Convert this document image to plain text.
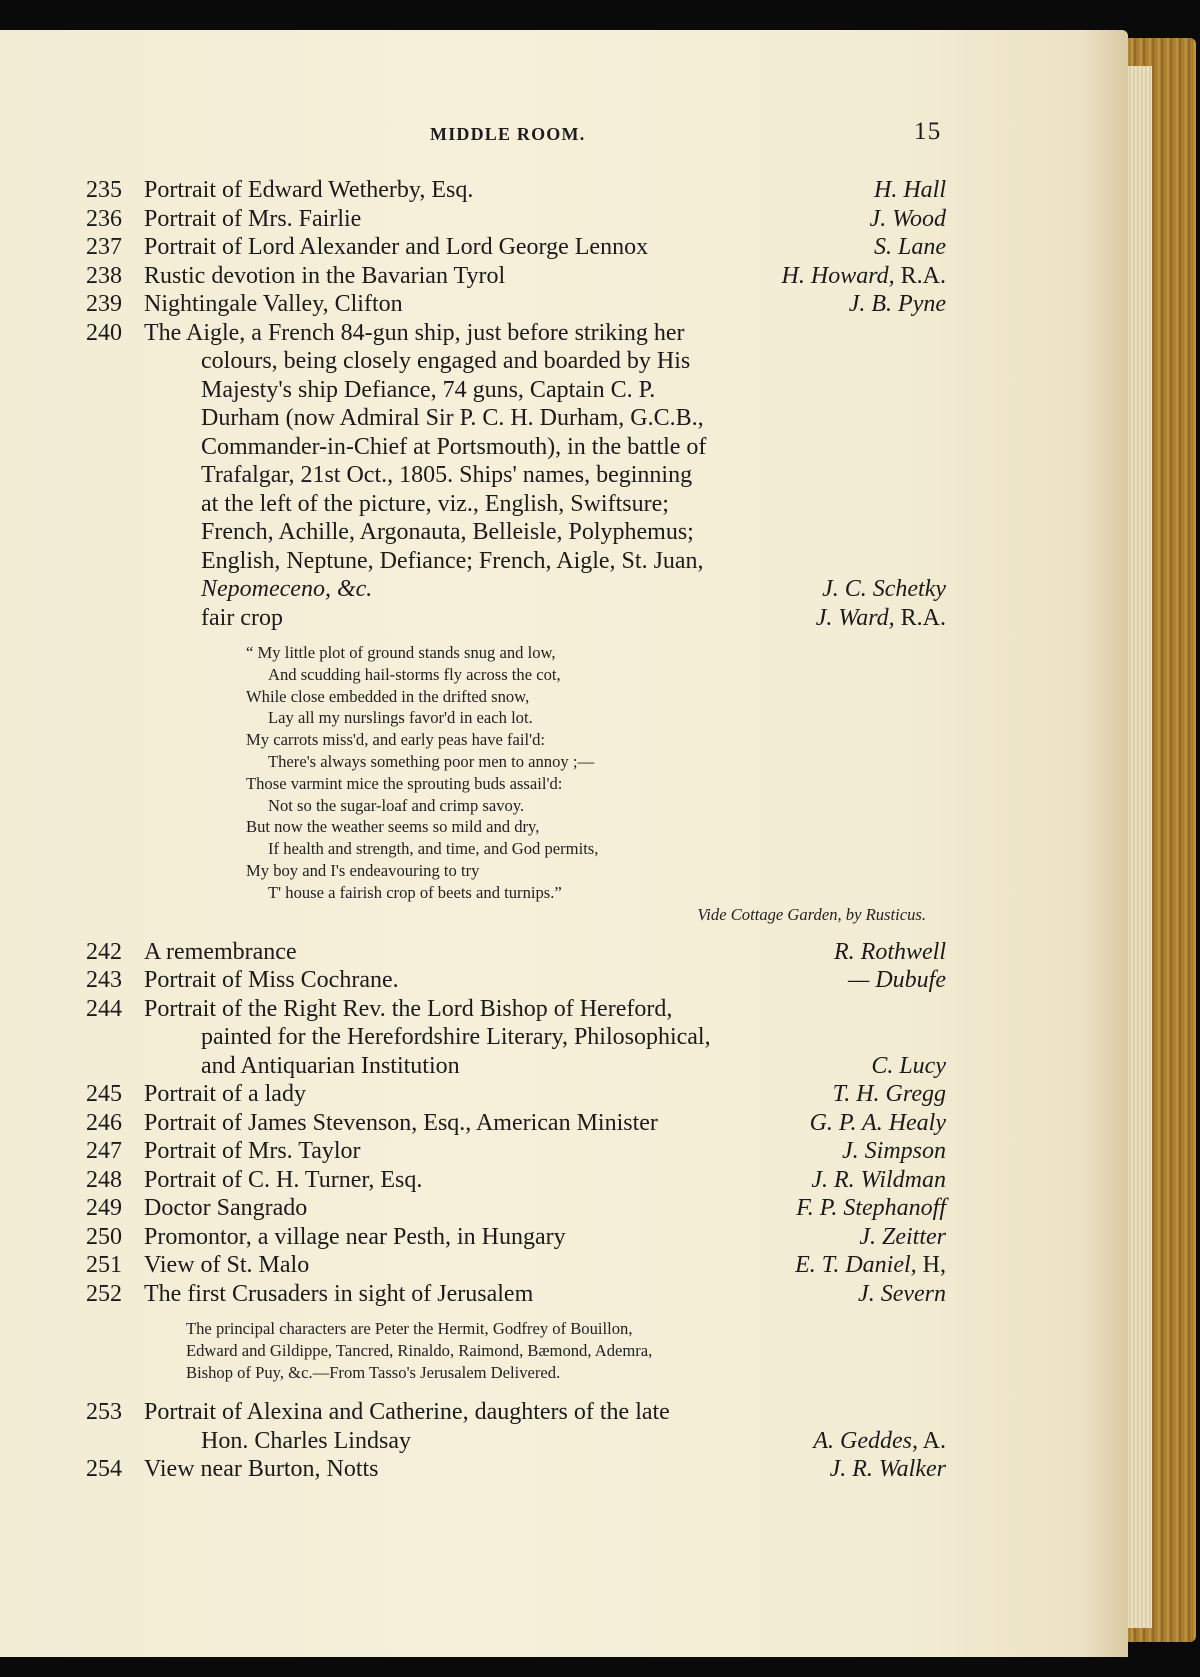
MIDDLE ROOM.	15
235 Portrait of Edward Wetherby, Esq.	H. Hall
236 Portrait of Mrs. Fairlie	J. Wood
237 Portrait of Lord Alexander and Lord George Lennox	S. Lane
238 Rustic devotion in the Bavarian Tyrol	H. Howard, R.A.
239 Nightingale Valley, Clifton	J. B. Pyne
240 The Aigle, a French 84-gun ship, just before striking her
colours, being closely engaged and boarded by His
Majesty's ship Defiance, 74 guns, Captain C. P.
Durham (now Admiral Sir P. C. H. Durham, G.C.B.,
Commander-in-Chief at Portsmouth), in the battle of
Trafalgar, 21st Oct., 1805. Ships' names, beginning
at the left of the picture, viz., English, Swiftsure;
French, Achille, Argonauta, Belleisle, Polyphemus;
English, Neptune, Defiance; French, Aigle, St. Juan,
Nepomeceno, &c.	J. C. Schetky
fair crop	J. Ward, R.A.
“ My little plot of ground stands snug and low,
And scudding hail-storms fly across the cot,
While close embedded in the drifted snow,
Lay all my nurslings favor'd in each lot.
My carrots miss'd, and early peas have fail'd:
There's always something poor men to annoy ;—
Those varmint mice the sprouting buds assail'd:
Not so the sugar-loaf and crimp savoy.
But now the weather seems so mild and dry,
If health and strength, and time, and God permits,
My boy and I's endeavouring to try
T' house a fairish crop of beets and turnips.”
Vide Cottage Garden, by Rusticus.
242 A remembrance	R. Rothwell
243 Portrait of Miss Cochrane.	— Dubufe
244 Portrait of the Right Rev. the Lord Bishop of Hereford,
painted for the Herefordshire Literary, Philosophical,
and Antiquarian Institution	C. Lucy
245 Portrait of a lady	T. H. Gregg
246 Portrait of James Stevenson, Esq., American Minister	G. P. A. Healy
247 Portrait of Mrs. Taylor	J. Simpson
248 Portrait of C. H. Turner, Esq.	J. R. Wildman
249 Doctor Sangrado	F. P. Stephanoff
250 Promontor, a village near Pesth, in Hungary	J. Zeitter
251 View of St. Malo	E. T. Daniel, H,
252 The first Crusaders in sight of Jerusalem	J. Severn
The principal characters are Peter the Hermit, Godfrey of Bouillon,
Edward and Gildippe, Tancred, Rinaldo, Raimond, Bæmond, Ademra,
Bishop of Puy, &c.—From Tasso's Jerusalem Delivered.
253 Portrait of Alexina and Catherine, daughters of the late
Hon. Charles Lindsay	A. Geddes, A.
254 View near Burton, Notts	J. R. Walker
